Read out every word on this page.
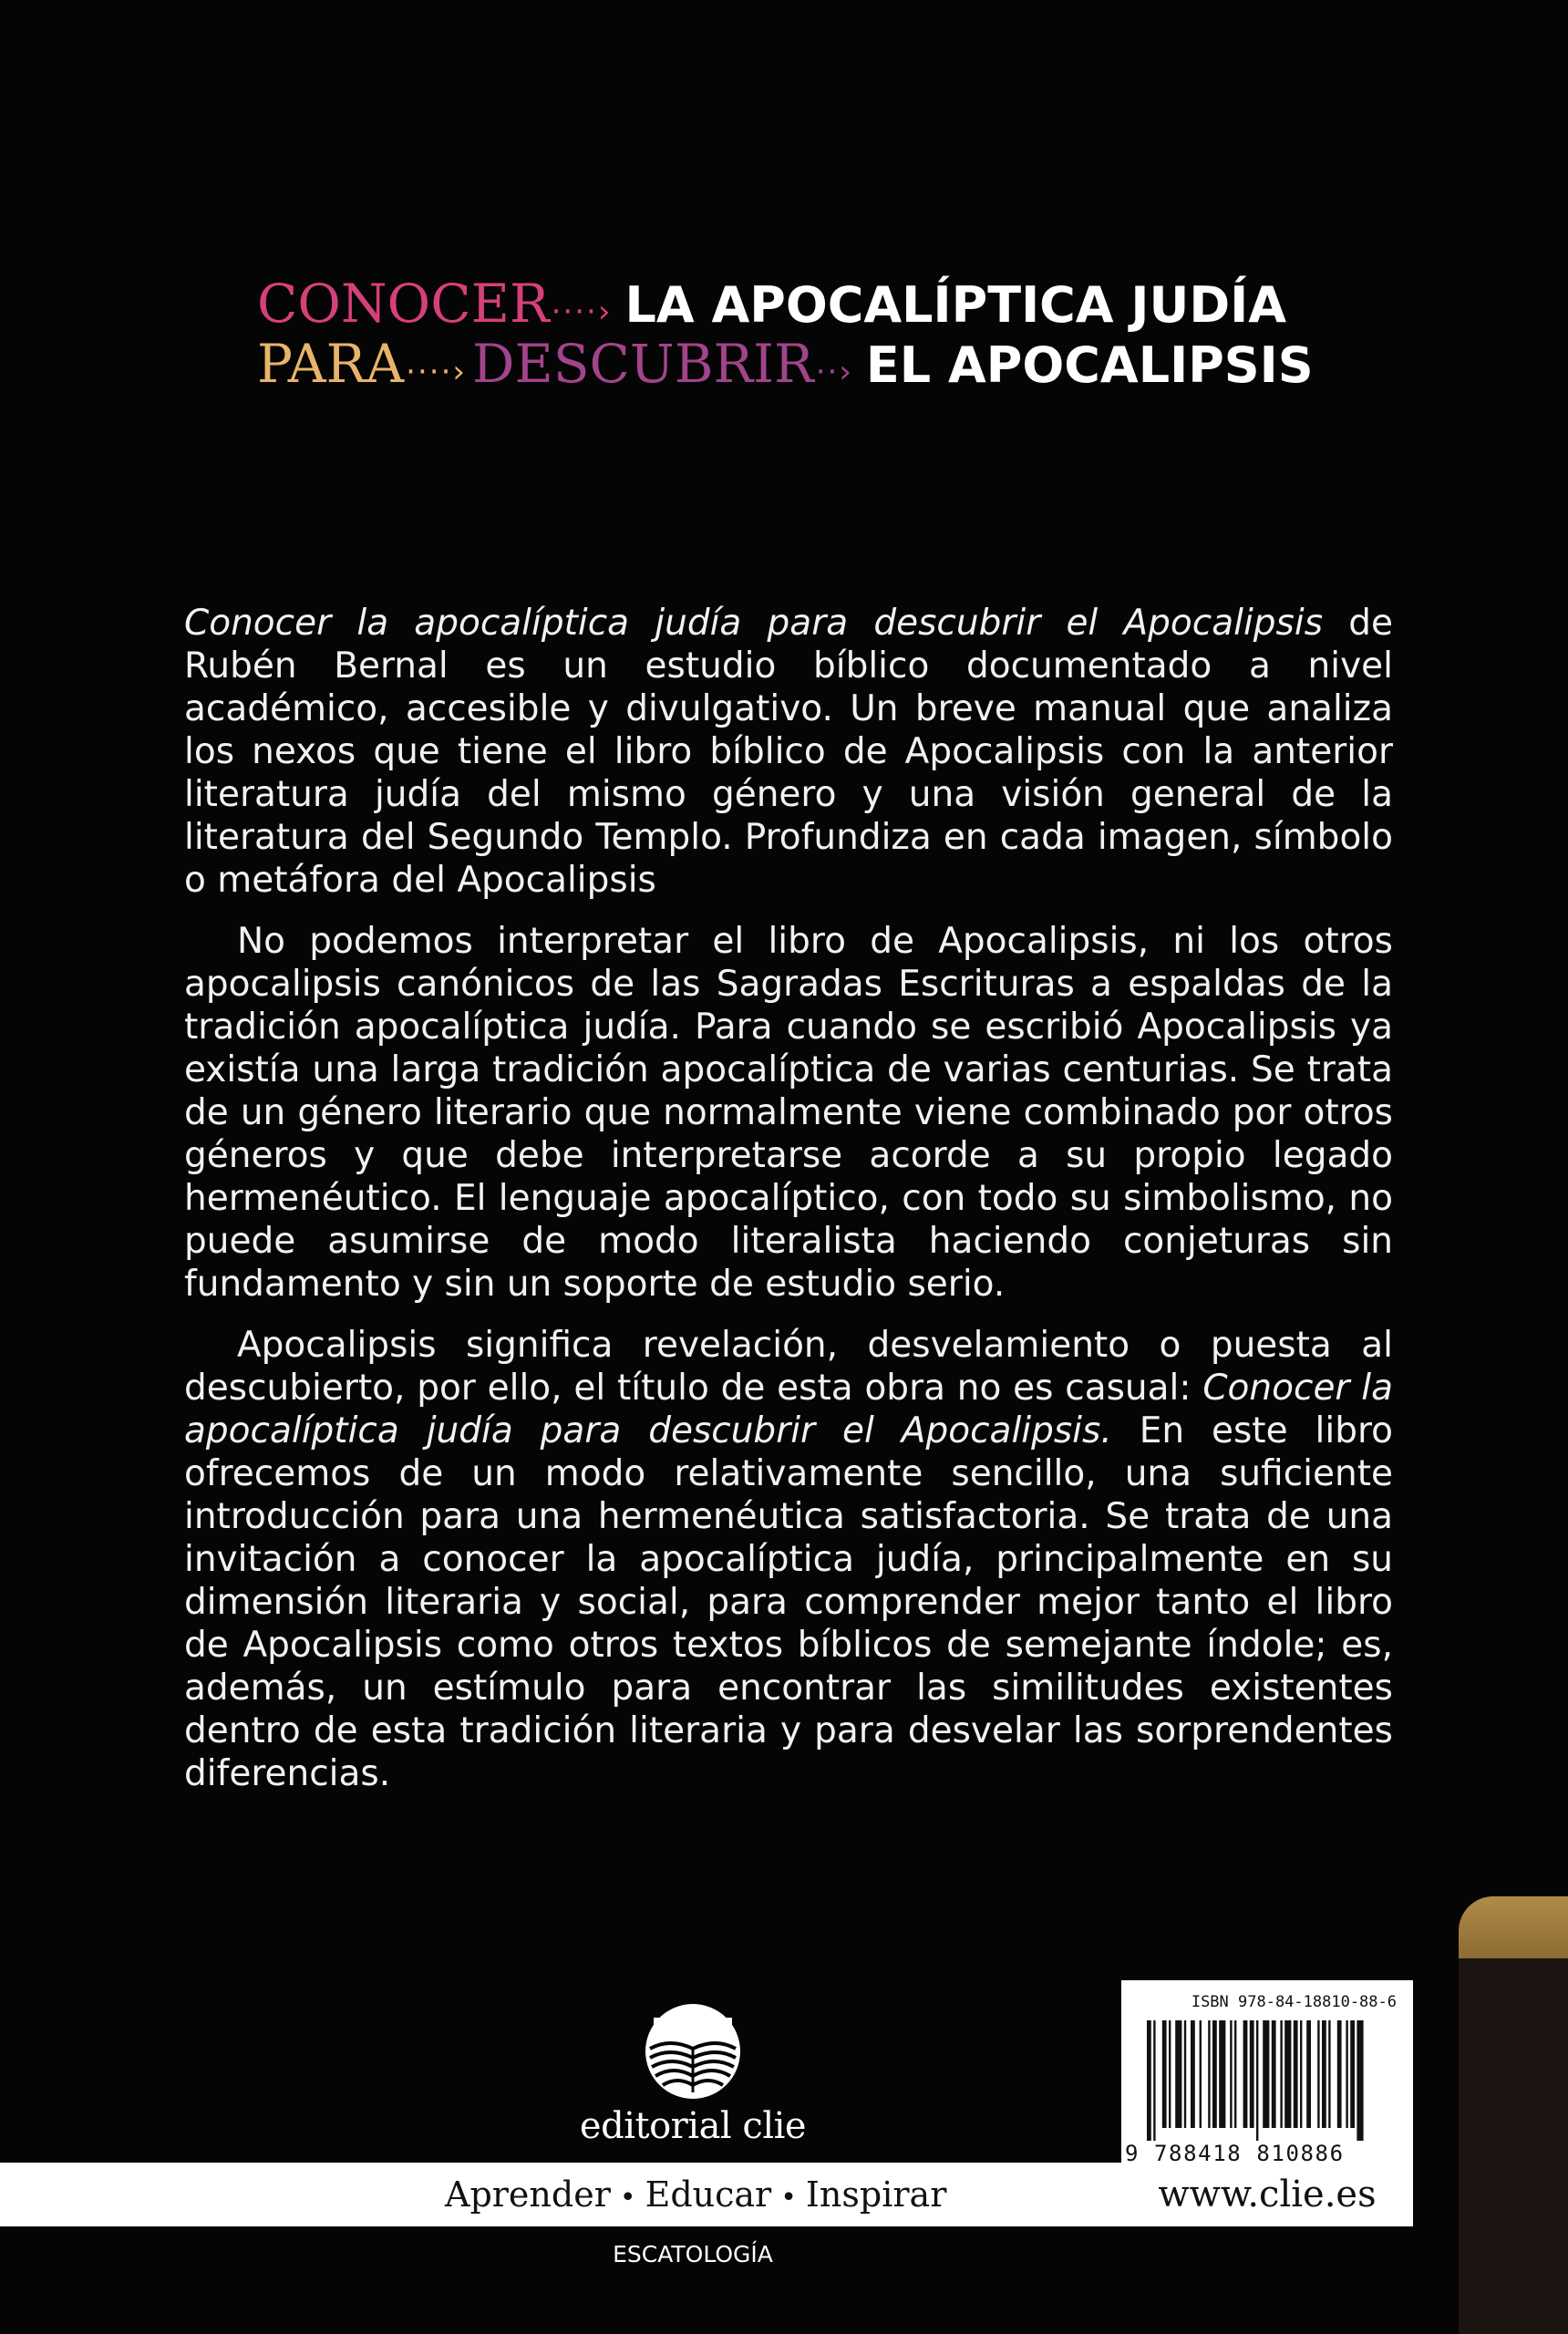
CONOCER····› LA APOCALÍPTICA JUDÍA
PARA····› DESCUBRIR··› EL APOCALIPSIS

Conocer la apocalíptica judía para descubrir el Apocalipsis de Rubén Bernal es un estudio bíblico documentado a nivel académico, accesible y divulgativo. Un breve manual que analiza los nexos que tiene el libro bíblico de Apocalipsis con la anterior literatura judía del mismo género y una visión general de la literatura del Segundo Templo. Profundiza en cada imagen, símbolo o metáfora del Apocalipsis

No podemos interpretar el libro de Apocalipsis, ni los otros apocalipsis canónicos de las Sagradas Escrituras a espaldas de la tradición apocalíptica judía. Para cuando se escribió Apocalipsis ya existía una larga tradición apocalíptica de varias centurias. Se trata de un género literario que normalmente viene combinado por otros géneros y que debe interpretarse acorde a su propio legado hermenéutico. El lenguaje apocalíptico, con todo su simbolismo, no puede asumirse de modo literalista haciendo conjeturas sin fundamento y sin un soporte de estudio serio.

Apocalipsis significa revelación, desvelamiento o puesta al descubierto, por ello, el título de esta obra no es casual: Conocer la apocalíptica judía para descubrir el Apocalipsis. En este libro ofrecemos de un modo relativamente sencillo, una suficiente introducción para una hermenéutica satisfactoria. Se trata de una invitación a conocer la apocalíptica judía, principalmente en su dimensión literaria y social, para comprender mejor tanto el libro de Apocalipsis como otros textos bíblicos de semejante índole; es, además, un estímulo para encontrar las similitudes existentes dentro de esta tradición literaria y para desvelar las sorprendentes diferencias.

editorial clie
Aprender • Educar • Inspirar	www.clie.es
ISBN 978-84-18810-88-6
9 788418 810886
ESCATOLOGÍA
